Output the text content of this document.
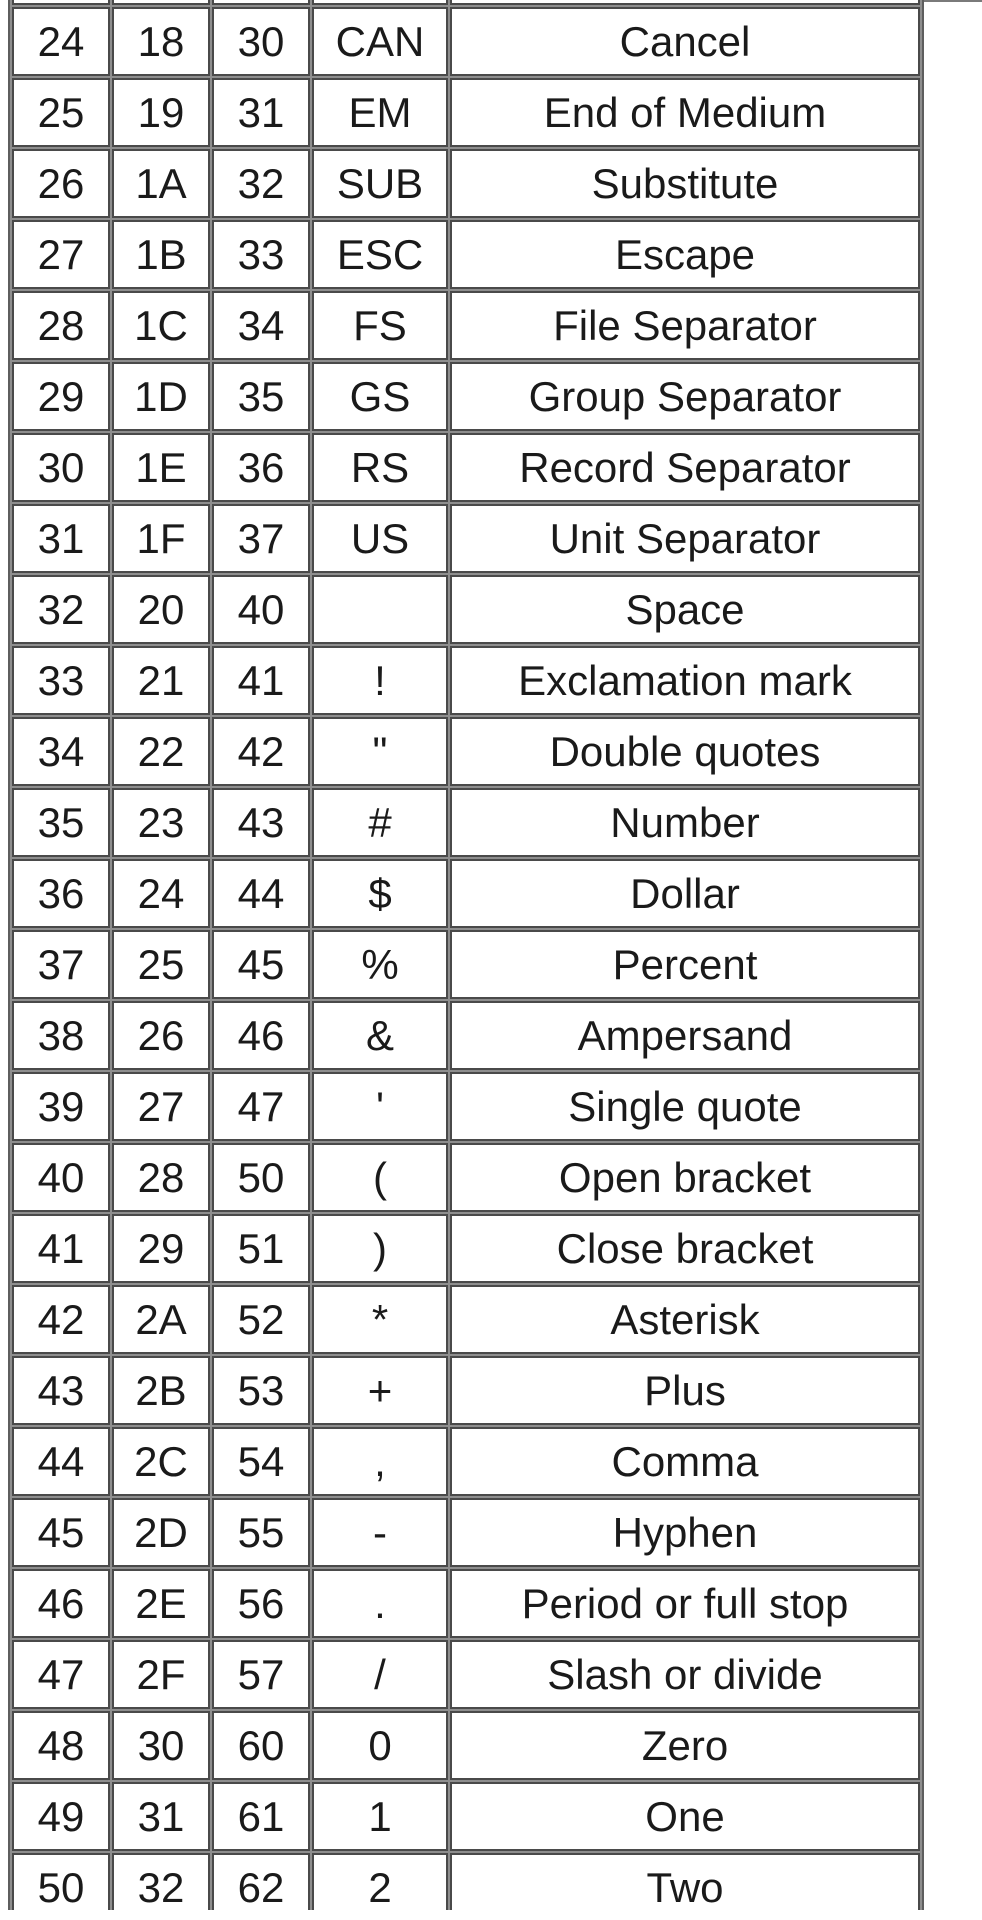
24	18	30	CAN	Cancel
25	19	31	EM	End of Medium
26	1A	32	SUB	Substitute
27	1B	33	ESC	Escape
28	1C	34	FS	File Separator
29	1D	35	GS	Group Separator
30	1E	36	RS	Record Separator
31	1F	37	US	Unit Separator
32	20	40		Space
33	21	41	!	Exclamation mark
34	22	42	"	Double quotes
35	23	43	#	Number
36	24	44	$	Dollar
37	25	45	%	Percent
38	26	46	&	Ampersand
39	27	47	'	Single quote
40	28	50	(	Open bracket
41	29	51	)	Close bracket
42	2A	52	*	Asterisk
43	2B	53	+	Plus
44	2C	54	,	Comma
45	2D	55	-	Hyphen
46	2E	56	.	Period or full stop
47	2F	57	/	Slash or divide
48	30	60	0	Zero
49	31	61	1	One
50	32	62	2	Two
